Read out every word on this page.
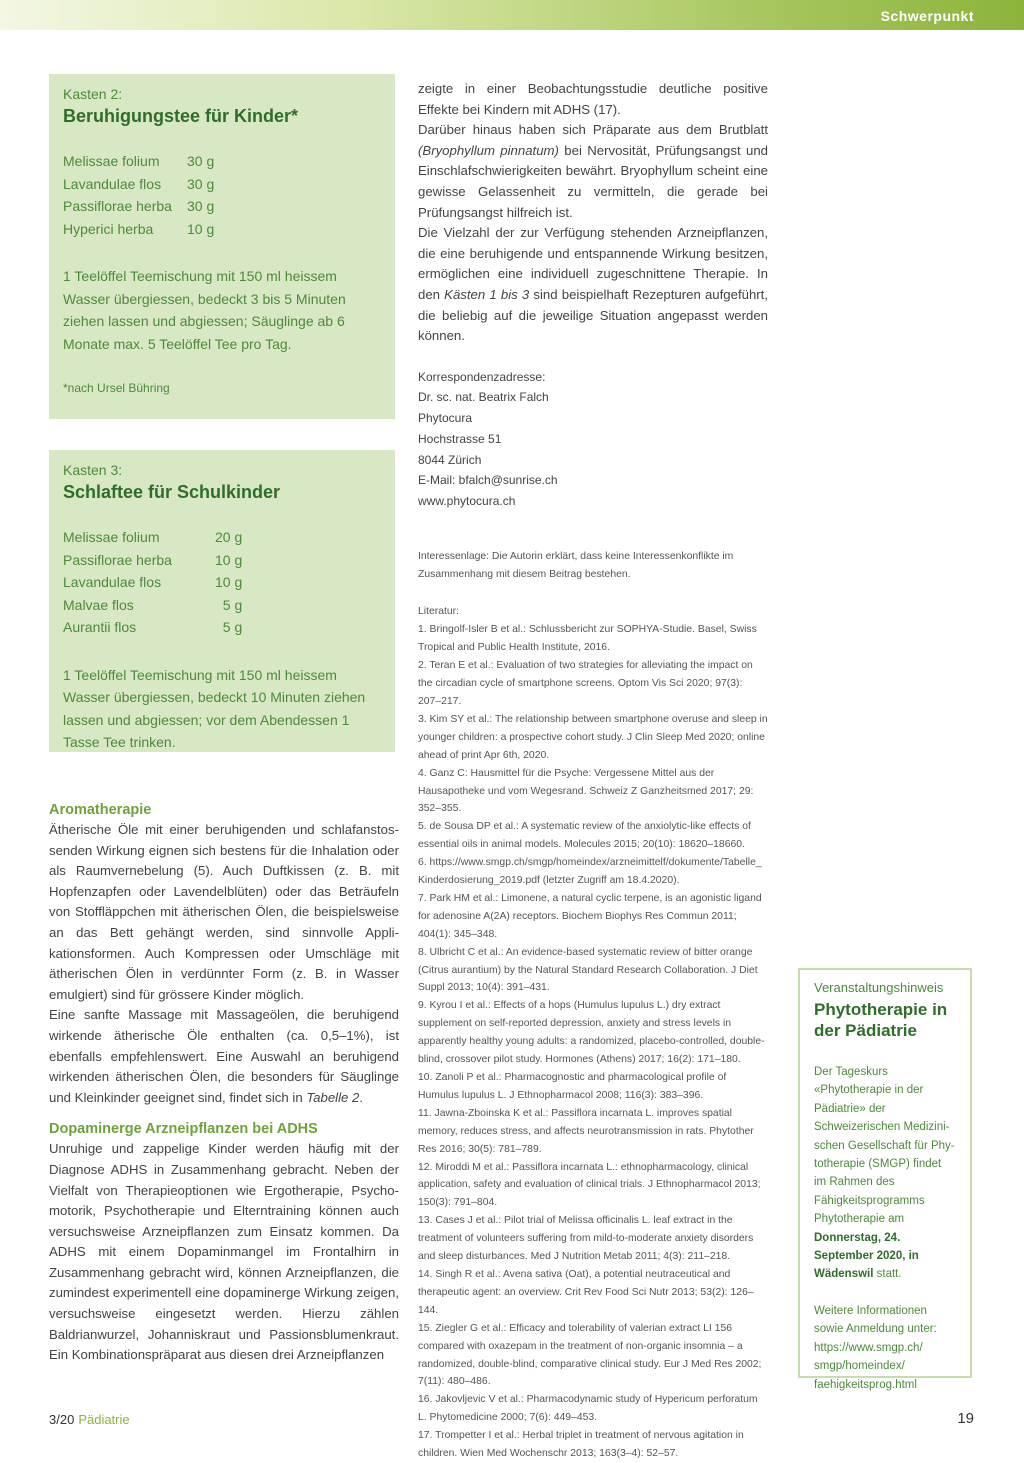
Schwerpunkt
Kasten 2:
Beruhigungstee für Kinder*
Melissae folium	30 g
Lavandulae flos	30 g
Passiflorae herba	30 g
Hyperici herba	10 g
1 Teelöffel Teemischung mit 150 ml heissem Wasser übergiessen, bedeckt 3 bis 5 Minuten ziehen lassen und abgiessen; Säuglinge ab 6 Monate max. 5 Teelöffel Tee pro Tag.
*nach Ursel Bühring
Kasten 3:
Schlaftee für Schulkinder
Melissae folium	20 g
Passiflorae herba	10 g
Lavandulae flos	10 g
Malvae flos	5 g
Aurantii flos	5 g
1 Teelöffel Teemischung mit 150 ml heissem Wasser übergiessen, bedeckt 10 Minuten ziehen lassen und abgiessen; vor dem Abendessen 1 Tasse Tee trinken.
Aromatherapie

Ätherische Öle mit einer beruhigenden und schlafanstossenden Wirkung eignen sich bestens für die Inhalation oder als Raumvernebelung (5). Auch Duftkissen (z. B. mit Hopfenzapfen oder Lavendelblüten) oder das Beträufeln von Stoffläppchen mit ätherischen Ölen, die beispielsweise an das Bett gehängt werden, sind sinnvolle Applikationsformen. Auch Kompressen oder Umschläge mit ätherischen Ölen in verdünnter Form (z. B. in Wasser emulgiert) sind für grössere Kinder möglich.

Eine sanfte Massage mit Massageölen, die beruhigend wirkende ätherische Öle enthalten (ca. 0,5–1%), ist ebenfalls empfehlenswert. Eine Auswahl an beruhigend wirkenden ätherischen Ölen, die besonders für Säuglinge und Kleinkinder geeignet sind, findet sich in Tabelle 2.

Dopaminerge Arzneipflanzen bei ADHS

Unruhige und zappelige Kinder werden häufig mit der Diagnose ADHS in Zusammenhang gebracht. Neben der Vielfalt von Therapieoptionen wie Ergotherapie, Psychomotorik, Psychotherapie und Elterntraining können auch versuchsweise Arzneipflanzen zum Einsatz kommen. Da ADHS mit einem Dopaminmangel im Frontalhirn in Zusammenhang gebracht wird, können Arzneipflanzen, die zumindest experimentell eine dopaminerge Wirkung zeigen, versuchsweise eingesetzt werden. Hierzu zählen Baldrianwurzel, Johanniskraut und Passionsblumenkraut. Ein Kombinationspräparat aus diesen drei Arzneipflanzen

zeigte in einer Beobachtungsstudie deutliche positive Effekte bei Kindern mit ADHS (17).

Darüber hinaus haben sich Präparate aus dem Brutblatt (Bryophyllum pinnatum) bei Nervosität, Prüfungsangst und Einschlafschwierigkeiten bewährt. Bryophyllum scheint eine gewisse Gelassenheit zu vermitteln, die gerade bei Prüfungsangst hilfreich ist.

Die Vielzahl der zur Verfügung stehenden Arzneipflanzen, die eine beruhigende und entspannende Wirkung besitzen, ermöglichen eine individuell zugeschnittene Therapie. In den Kästen 1 bis 3 sind beispielhaft Rezepturen aufgeführt, die beliebig auf die jeweilige Situation angepasst werden können.

Korrespondenzadresse:
Dr. sc. nat. Beatrix Falch
Phytocura
Hochstrasse 51
8044 Zürich
E-Mail: bfalch@sunrise.ch
www.phytocura.ch
Interessenlage: Die Autorin erklärt, dass keine Interessenkonflikte im Zusammenhang mit diesem Beitrag bestehen.
Literatur:
1. Bringolf-Isler B et al.: Schlussbericht zur SOPHYA-Studie. Basel, Swiss Tropical and Public Health Institute, 2016.
2. Teran E et al.: Evaluation of two strategies for alleviating the impact on the circadian cycle of smartphone screens. Optom Vis Sci 2020; 97(3): 207–217.
3. Kim SY et al.: The relationship between smartphone overuse and sleep in younger children: a prospective cohort study. J Clin Sleep Med 2020; online ahead of print Apr 6th, 2020.
4. Ganz C: Hausmittel für die Psyche: Vergessene Mittel aus der Hausapotheke und vom Wegesrand. Schweiz Z Ganzheitsmed 2017; 29: 352–355.
5. de Sousa DP et al.: A systematic review of the anxiolytic-like effects of essential oils in animal models. Molecules 2015; 20(10): 18620–18660.
6. https://www.smgp.ch/smgp/homeindex/arzneimittelf/dokumente/Tabelle_ Kinderdosierung_2019.pdf (letzter Zugriff am 18.4.2020).
7. Park HM et al.: Limonene, a natural cyclic terpene, is an agonistic ligand for adenosine A(2A) receptors. Biochem Biophys Res Commun 2011; 404(1): 345–348.
8. Ulbricht C et al.: An evidence-based systematic review of bitter orange (Citrus aurantium) by the Natural Standard Research Collaboration. J Diet Suppl 2013; 10(4): 391–431.
9. Kyrou I et al.: Effects of a hops (Humulus lupulus L.) dry extract supplement on self-reported depression, anxiety and stress levels in apparently healthy young adults: a randomized, placebo-controlled, double-blind, crossover pilot study. Hormones (Athens) 2017; 16(2): 171–180.
10. Zanoli P et al.: Pharmacognostic and pharmacological profile of Humulus lupulus L. J Ethnopharmacol 2008; 116(3): 383–396.
11. Jawna-Zboinska K et al.: Passiflora incarnata L. improves spatial memory, reduces stress, and affects neurotransmission in rats. Phytother Res 2016; 30(5): 781–789.
12. Miroddi M et al.: Passiflora incarnata L.: ethnopharmacology, clinical application, safety and evaluation of clinical trials. J Ethnopharmacol 2013; 150(3): 791–804.
13. Cases J et al.: Pilot trial of Melissa officinalis L. leaf extract in the treatment of volunteers suffering from mild-to-moderate anxiety disorders and sleep disturbances. Med J Nutrition Metab 2011; 4(3): 211–218.
14. Singh R et al.: Avena sativa (Oat), a potential neutraceutical and therapeutic agent: an overview. Crit Rev Food Sci Nutr 2013; 53(2): 126–144.
15. Ziegler G et al.: Efficacy and tolerability of valerian extract LI 156 compared with oxazepam in the treatment of non-organic insomnia – a randomized, double-blind, comparative clinical study. Eur J Med Res 2002; 7(11): 480–486.
16. Jakovljevic V et al.: Pharmacodynamic study of Hypericum perforatum L. Phytomedicine 2000; 7(6): 449–453.
17. Trompetter I et al.: Herbal triplet in treatment of nervous agitation in children. Wien Med Wochenschr 2013; 163(3–4): 52–57.
Veranstaltungshinweis
Phytotherapie in der Pädiatrie
Der Tageskurs «Phytotherapie in der Pädiatrie» der Schweizerischen Medizinischen Gesellschaft für Phytotherapie (SMGP) findet im Rahmen des Fähigkeitsprogramms Phytotherapie am Donnerstag, 24. September 2020, in Wädenswil statt.
Weitere Informationen sowie Anmeldung unter: https://www.smgp.ch/ smgp/homeindex/ faehigkeitsprog.html
3/20 Pädiatrie	19
